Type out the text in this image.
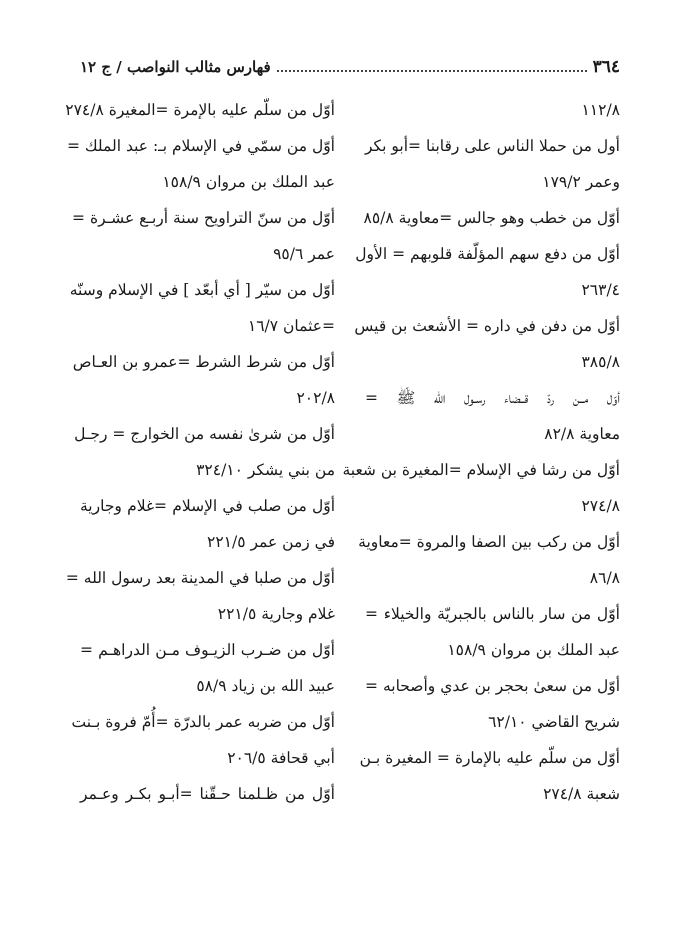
٣٦٤
فهارس مثالب النواصب / ج ١٢
١١٢/٨
أول من حملا الناس على رقابنا =أبو بكر
وعمر ١٧٩/٢
أوّل من خطب وهو جالس =معاوية ٨٥/٨
أوّل من دفع سهم المؤلّفة قلوبهم = الأول
٢٦٣/٤
أوّل من دفن في داره = الأشعث بن قيس
٣٨٥/٨
أوّل مــن ردّ قــضاء رسـول الله ﷺ =
معاوية ٨٢/٨
أوّل من رشا في الإسلام =المغيرة بن شعبة
٢٧٤/٨
أوّل من ركب بين الصفا والمروة =معاوية
٨٦/٨
أوّل من سار بالناس بالجبريّة والخيلاء =
عبد الملك بن مروان ١٥٨/٩
أوّل من سعىٰ بحجر بن عدي وأصحابه =
شريح القاضي ٦٢/١٠
أوّل من سلّم عليه بالإمارة = المغيرة بـن
شعبة ٢٧٤/٨
أوّل من سلّم عليه بالإمرة =المغيرة ٢٧٤/٨
أوّل من سمّي في الإسلام بـ: عبد الملك =
عبد الملك بن مروان ١٥٨/٩
أوّل من سنّ التراويح سنة أربـع عشـرة =
عمر ٩٥/٦
أوّل من سيّر [ أي أبعّد ] في الإسلام وسنّه
=عثمان ١٦/٧
أوّل من شرط الشرط =عمرو بن العـاص
٢٠٢/٨
أوّل من شرىٰ نفسه من الخوارج = رجـل
من بني يشكر ٣٢٤/١٠
أوّل من صلب في الإسلام =غلام وجارية
في زمن عمر ٢٢١/٥
أوّل من صلبا في المدينة بعد رسول الله =
غلام وجارية ٢٢١/٥
أوّل من ضـرب الزيـوف مـن الدراهـم =
عبيد الله بن زياد ٥٨/٩
أوّل من ضربه عمر بالدرّة =أُمّ فروة بـنت
أبي قحافة ٢٠٦/٥
أوّل من ظـلمنا حـقّنا =أبـو بكـر وعـمر
